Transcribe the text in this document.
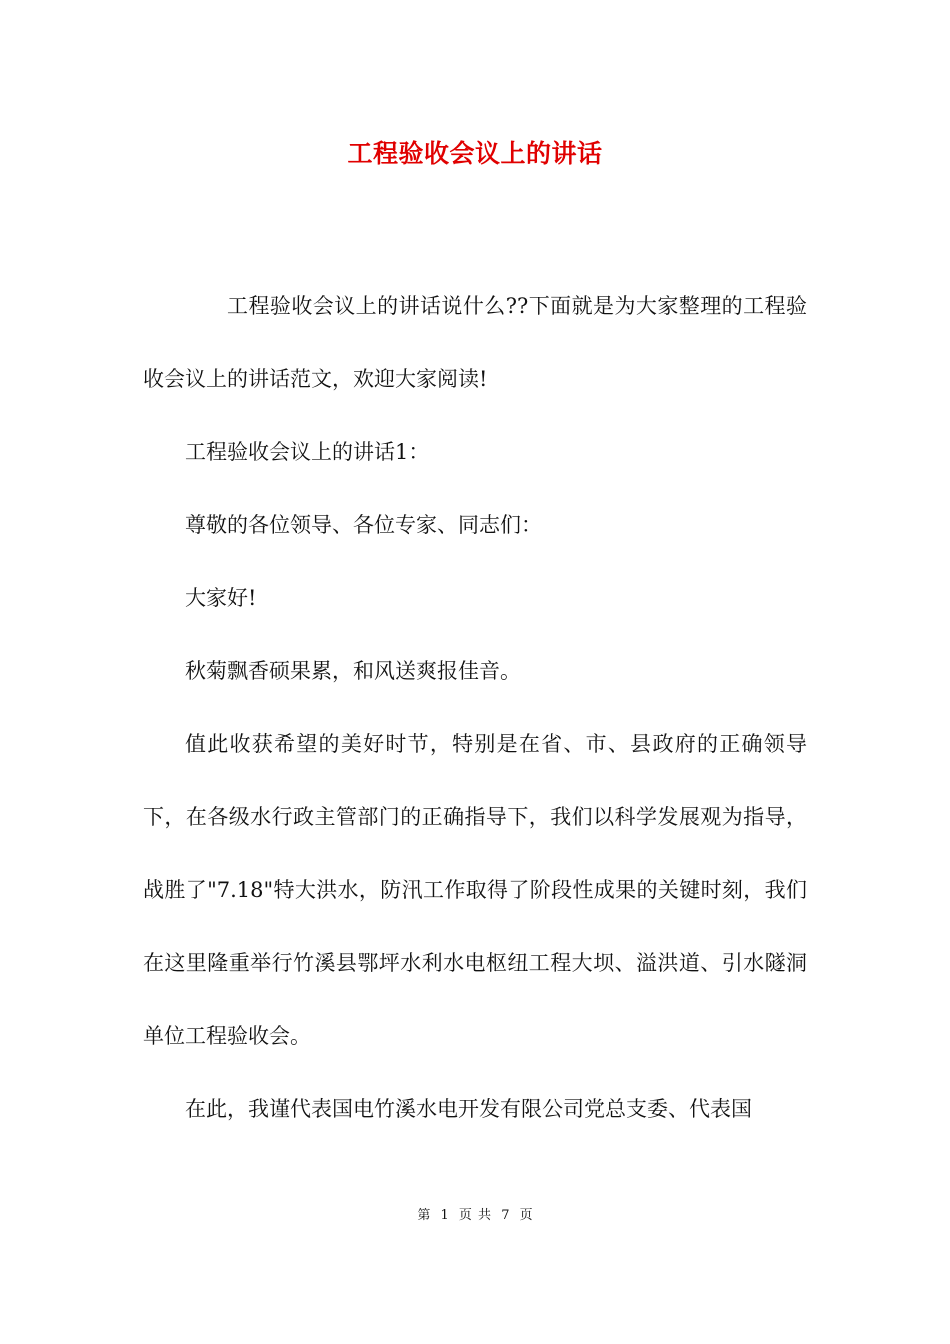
工程验收会议上的讲话

工程验收会议上的讲话说什么??下面就是为大家整理的工程验收会议上的讲话范文，欢迎大家阅读!

工程验收会议上的讲话1：

尊敬的各位领导、各位专家、同志们：

大家好!

秋菊飘香硕果累，和风送爽报佳音。

值此收获希望的美好时节，特别是在省、市、县政府的正确领导下，在各级水行政主管部门的正确指导下，我们以科学发展观为指导，战胜了"7.18"特大洪水，防汛工作取得了阶段性成果的关键时刻，我们在这里隆重举行竹溪县鄂坪水利水电枢纽工程大坝、溢洪道、引水隧洞单位工程验收会。

在此，我谨代表国电竹溪水电开发有限公司党总支委、代表国

第 1 页 共 7 页
